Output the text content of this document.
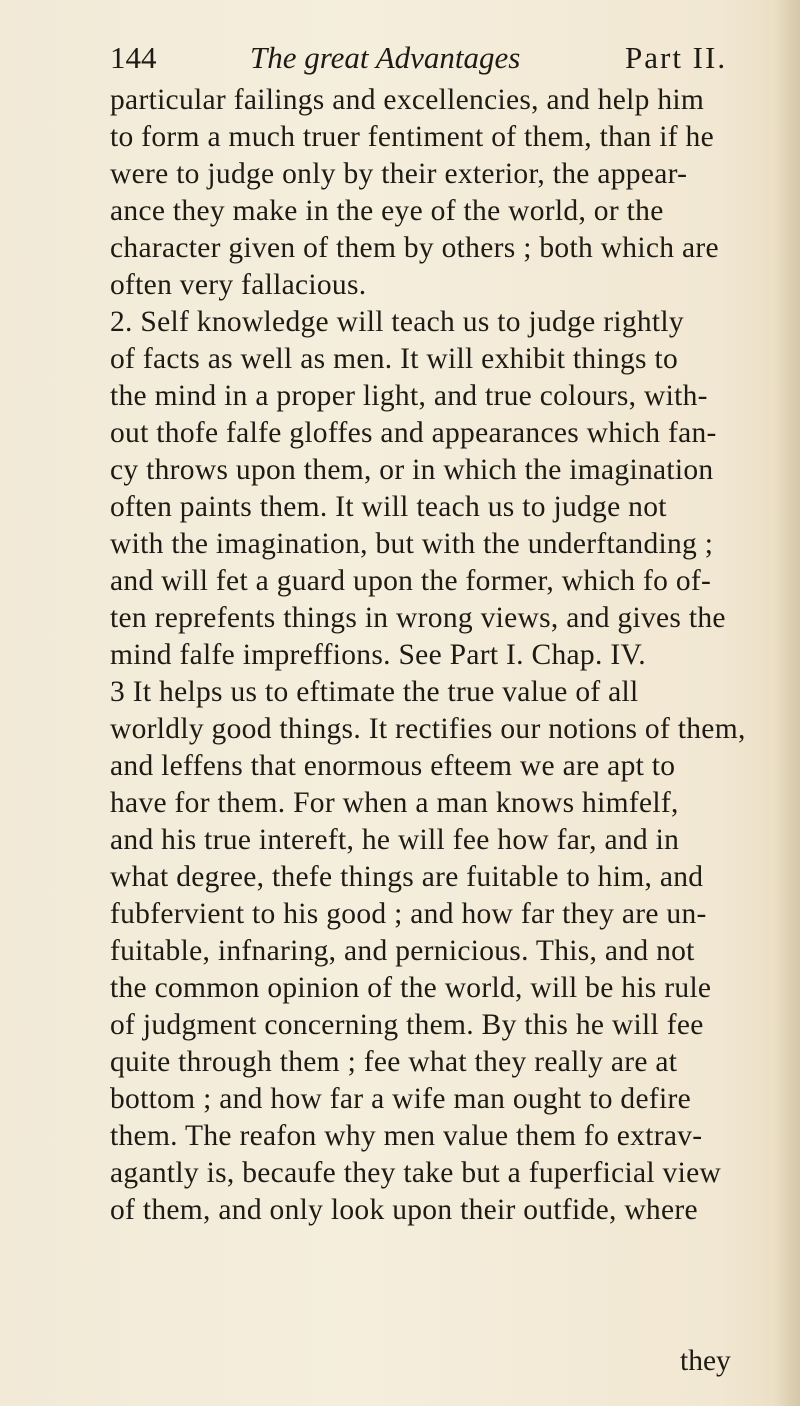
144	The great Advantages	Part II.
particular failings and excellencies, and help him
to form a much truer fentiment of them, than if he
were to judge only by their exterior, the appear-
ance they make in the eye of the world, or the
character given of them by others ; both which are
often very fallacious.
2. Self knowledge will teach us to judge rightly
of facts as well as men. It will exhibit things to
the mind in a proper light, and true colours, with-
out thofe falfe gloffes and appearances which fan-
cy throws upon them, or in which the imagination
often paints them. It will teach us to judge not
with the imagination, but with the underftanding ;
and will fet a guard upon the former, which fo of-
ten reprefents things in wrong views, and gives the
mind falfe impreffions. See Part I. Chap. IV.
3 It helps us to eftimate the true value of all
worldly good things. It rectifies our notions of them,
and leffens that enormous efteem we are apt to
have for them. For when a man knows himfelf,
and his true intereft, he will fee how far, and in
what degree, thefe things are fuitable to him, and
fubfervient to his good ; and how far they are un-
fuitable, infnaring, and pernicious. This, and not
the common opinion of the world, will be his rule
of judgment concerning them. By this he will fee
quite through them ; fee what they really are at
bottom ; and how far a wife man ought to defire
them. The reafon why men value them fo extrav-
agantly is, becaufe they take but a fuperficial view
of them, and only look upon their outfide, where
they
